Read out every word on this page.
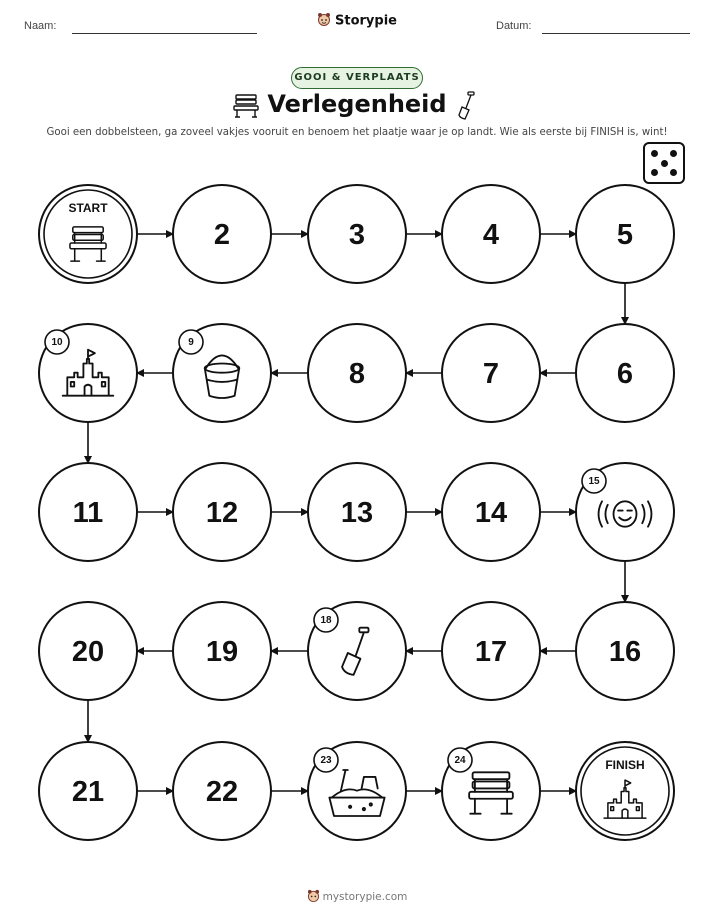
Naam:	Storypie	Datum:
GOOI & VERPLAATS
Verlegenheid
Gooi een dobbelsteen, ga zoveel vakjes vooruit en benoem het plaatje waar je op landt. Wie als eerste bij FINISH is, wint!
START
2	3	4	5
6
7
8
9
10
11	12	13	14
15
16
17
18
19
20
21	22
23	24	FINISH
mystorypie.com
